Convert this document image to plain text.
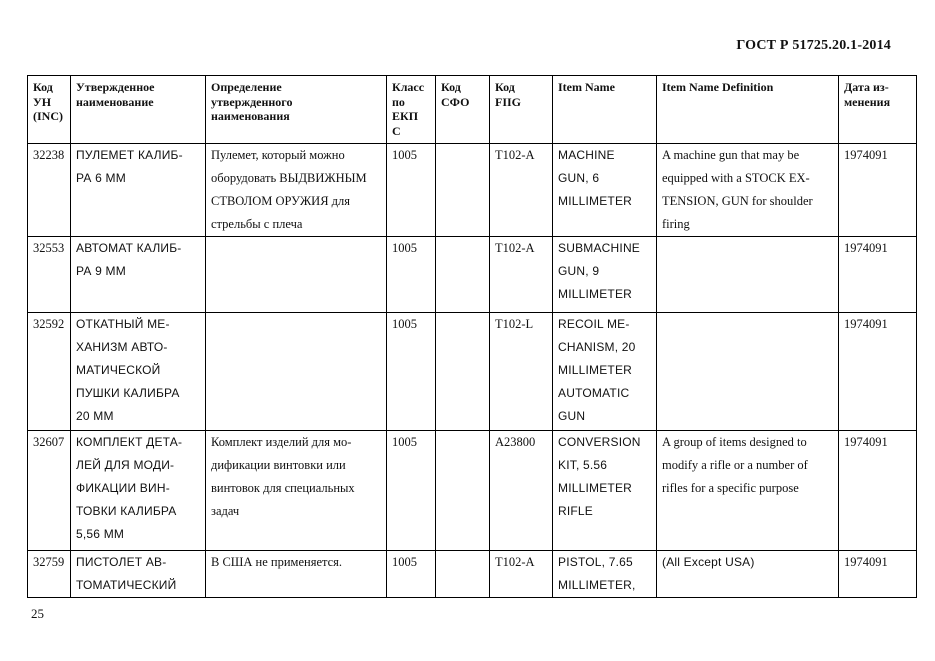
ГОСТ Р 51725.20.1-2014
Код
УН
(INC)	Утвержденное
наименование	Определение
утвержденного
наименования	Класс
по
ЕКП
С	Код
СФО	Код
FIIG	Item Name	Item Name Definition	Дата из-
менения
32238	ПУЛЕМЕТ КАЛИБ-
РА 6 ММ	Пулемет, который можно
оборудовать ВЫДВИЖНЫМ
СТВОЛОМ ОРУЖИЯ для
стрельбы с плеча	1005		T102-A	MACHINE
GUN, 6
MILLIMETER	A machine gun that may be
equipped with a STOCK EX-
TENSION, GUN for shoulder
firing	1974091
32553	АВТОМАТ КАЛИБ-
РА 9 ММ		1005		T102-A	SUBMACHINE
GUN, 9
MILLIMETER		1974091
32592	ОТКАТНЫЙ МЕ-
ХАНИЗМ АВТО-
МАТИЧЕСКОЙ
ПУШКИ КАЛИБРА
20 ММ		1005		T102-L	RECOIL ME-
CHANISM, 20
MILLIMETER
AUTOMATIC
GUN		1974091
32607	КОМПЛЕКТ ДЕТА-
ЛЕЙ ДЛЯ МОДИ-
ФИКАЦИИ ВИН-
ТОВКИ КАЛИБРА
5,56 ММ	Комплект изделий для мо-
дификации винтовки или
винтовок для специальных
задач	1005		A23800	CONVERSION
KIT, 5.56
MILLIMETER
RIFLE	A group of items designed to
modify a rifle or a number of
rifles for a specific purpose	1974091
32759	ПИСТОЛЕТ АВ-
ТОМАТИЧЕСКИЙ	В США не применяется.	1005		T102-A	PISTOL, 7.65
MILLIMETER,	(All Except USA)	1974091
25
